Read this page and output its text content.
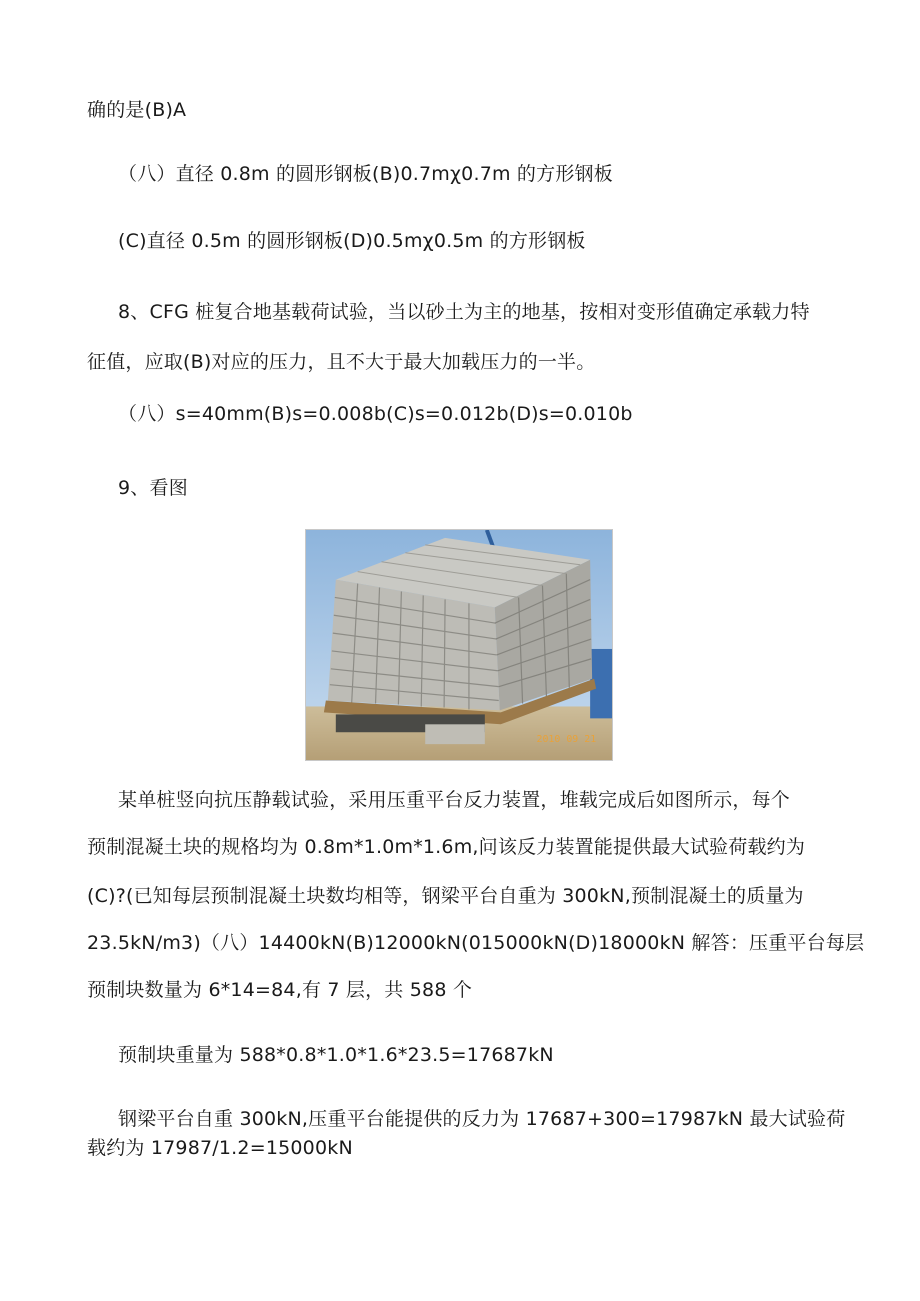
确的是(B)A
（八）直径 0.8m 的圆形钢板(B)0.7mχ0.7m 的方形钢板
(C)直径 0.5m 的圆形钢板(D)0.5mχ0.5m 的方形钢板
8、CFG 桩复合地基载荷试验，当以砂土为主的地基，按相对变形值确定承载力特
征值，应取(B)对应的压力，且不大于最大加载压力的一半。
（八）s=40mm(B)s=0.008b(C)s=0.012b(D)s=0.010b
9、看图
2010 09 21
某单桩竖向抗压静载试验，采用压重平台反力装置，堆载完成后如图所示，每个
预制混凝土块的规格均为 0.8m*1.0m*1.6m,问该反力装置能提供最大试验荷载约为
(C)?(已知每层预制混凝土块数均相等，钢梁平台自重为 300kN,预制混凝土的质量为
23.5kN/m3)（八）14400kN(B)12000kN(015000kN(D)18000kN 解答：压重平台每层
预制块数量为 6*14=84,有 7 层，共 588 个
预制块重量为 588*0.8*1.0*1.6*23.5=17687kN
钢梁平台自重 300kN,压重平台能提供的反力为 17687+300=17987kN 最大试验荷
载约为 17987/1.2=15000kN
